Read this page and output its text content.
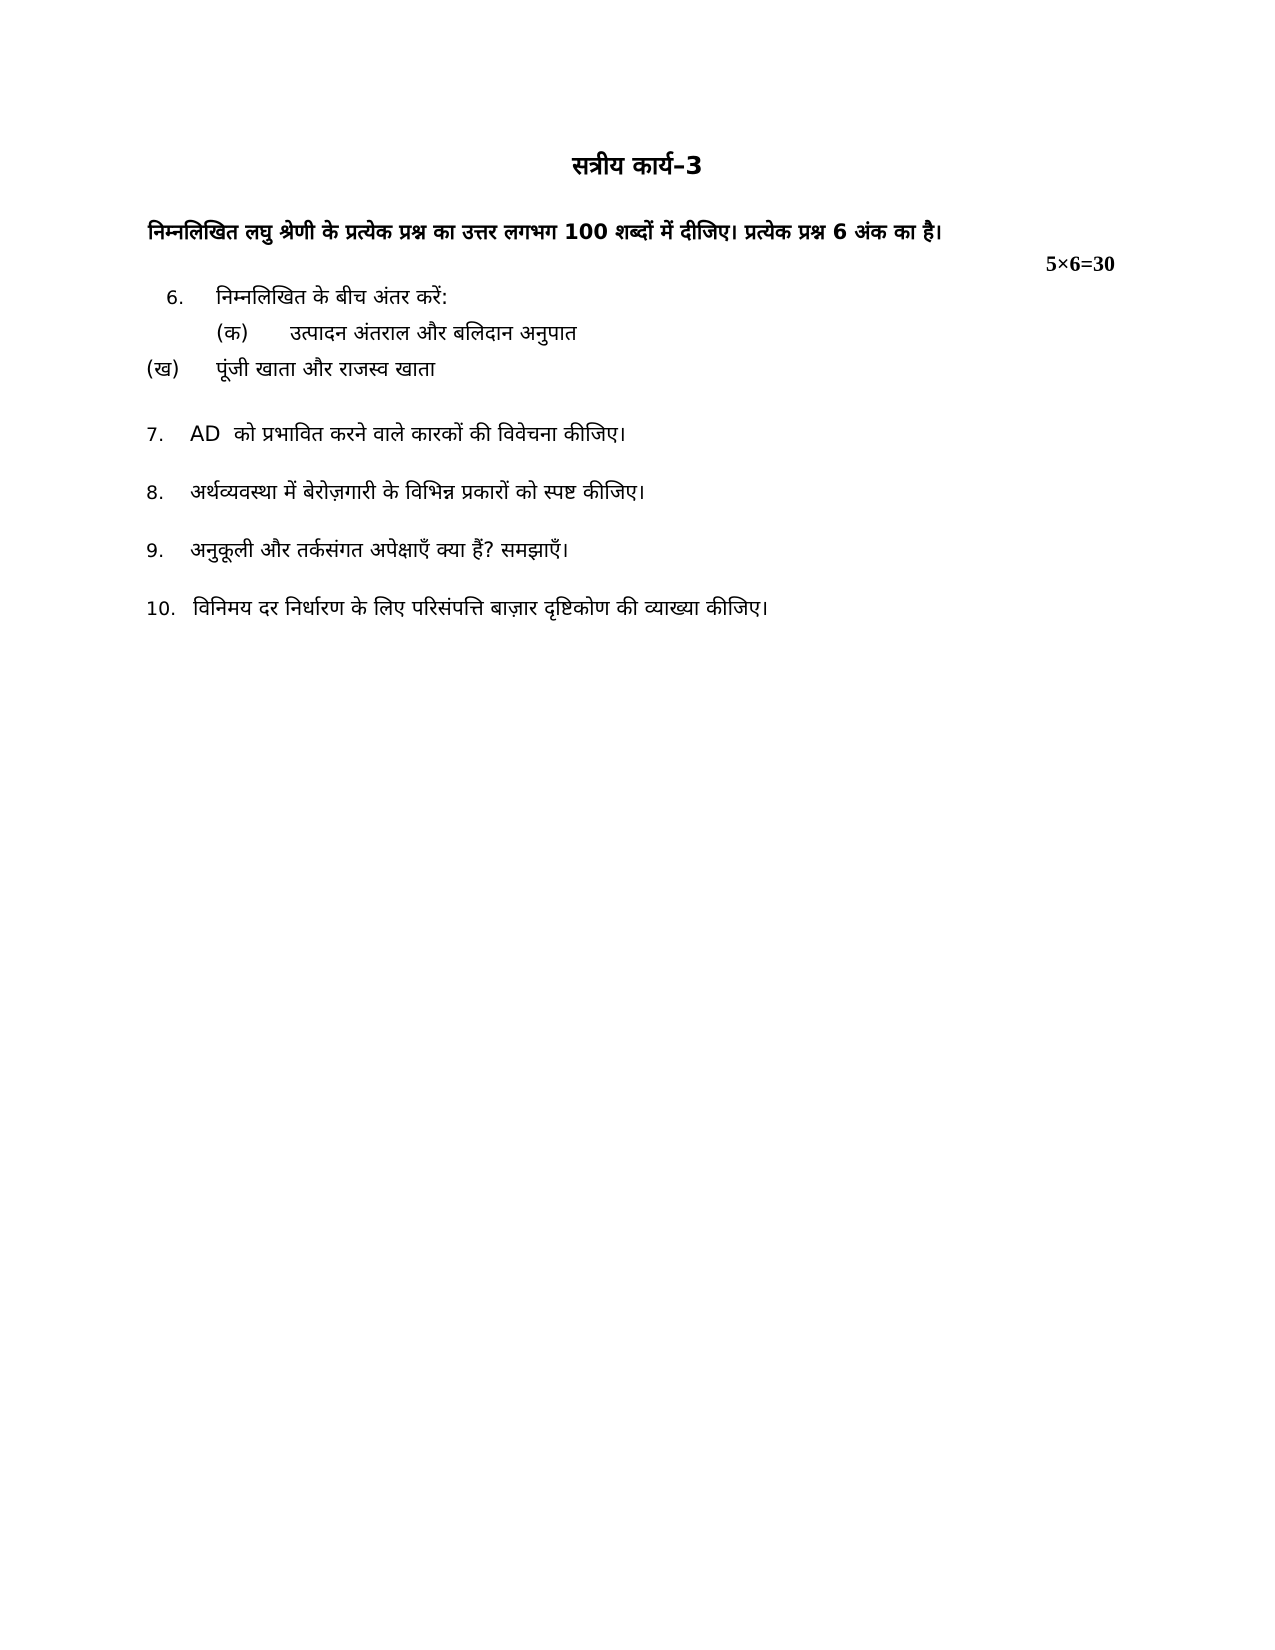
सत्रीय कार्य–3
निम्नलिखित लघु श्रेणी के प्रत्येक प्रश्न का उत्तर लगभग 100 शब्दों में दीजिए। प्रत्येक प्रश्न 6 अंक का है।
5×6=30
6. निम्नलिखित के बीच अंतर करें:
(क) उत्पादन अंतराल और बलिदान अनुपात
(ख) पूंजी खाता और राजस्व खाता
7. AD  को प्रभावित करने वाले कारकों की विवेचना कीजिए।
8. अर्थव्यवस्था में बेरोज़गारी के विभिन्न प्रकारों को स्पष्ट कीजिए।
9. अनुकूली और तर्कसंगत अपेक्षाएँ क्या हैं? समझाएँ।
10. विनिमय दर निर्धारण के लिए परिसंपत्ति बाज़ार दृष्टिकोण की व्याख्या कीजिए।
